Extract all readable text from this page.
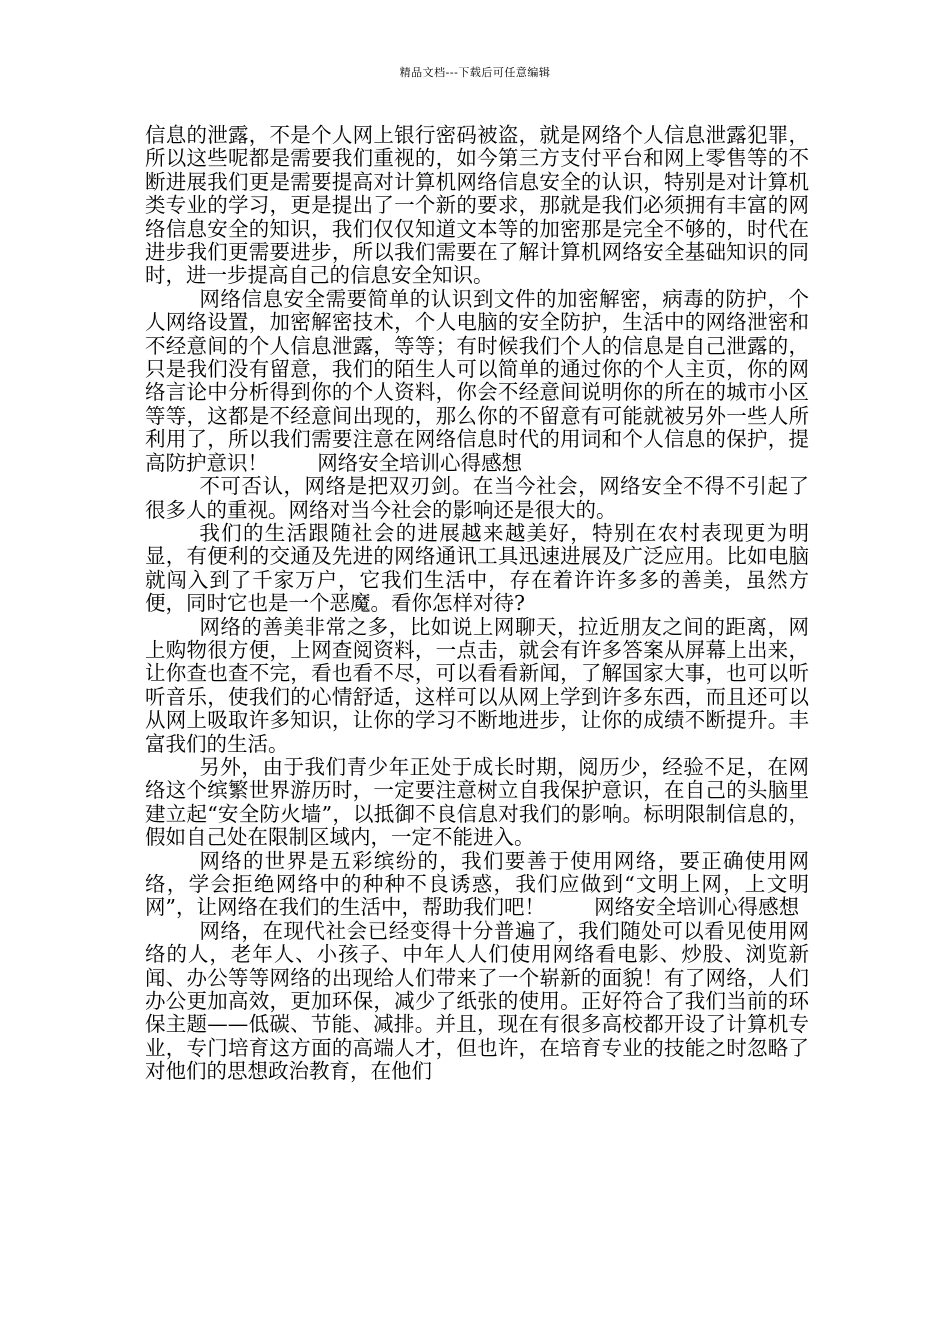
精品文档---下载后可任意编辑

信息的泄露，不是个人网上银行密码被盗，就是网络个人信息泄露犯罪，所以这些呢都是需要我们重视的，如今第三方支付平台和网上零售等的不断进展我们更是需要提高对计算机网络信息安全的认识，特别是对计算机类专业的学习，更是提出了一个新的要求，那就是我们必须拥有丰富的网络信息安全的知识，我们仅仅知道文本等的加密那是完全不够的，时代在进步我们更需要进步，所以我们需要在了解计算机网络安全基础知识的同时，进一步提高自己的信息安全知识。

网络信息安全需要简单的认识到文件的加密解密，病毒的防护，个人网络设置，加密解密技术，个人电脑的安全防护，生活中的网络泄密和不经意间的个人信息泄露，等等；有时候我们个人的信息是自己泄露的，只是我们没有留意，我们的陌生人可以简单的通过你的个人主页，你的网络言论中分析得到你的个人资料，你会不经意间说明你的所在的城市小区等等，这都是不经意间出现的，那么你的不留意有可能就被另外一些人所利用了，所以我们需要注意在网络信息时代的用词和个人信息的保护，提高防护意识！ 网络安全培训心得感想

不可否认，网络是把双刃剑。在当今社会，网络安全不得不引起了很多人的重视。网络对当今社会的影响还是很大的。

我们的生活跟随社会的进展越来越美好，特别在农村表现更为明显，有便利的交通及先进的网络通讯工具迅速进展及广泛应用。比如电脑就闯入到了千家万户，它我们生活中，存在着许许多多的善美，虽然方便，同时它也是一个恶魔。看你怎样对待?

网络的善美非常之多，比如说上网聊天，拉近朋友之间的距离，网上购物很方便，上网查阅资料，一点击，就会有许多答案从屏幕上出来，让你查也查不完，看也看不尽，可以看看新闻，了解国家大事，也可以听听音乐，使我们的心情舒适，这样可以从网上学到许多东西，而且还可以从网上吸取许多知识，让你的学习不断地进步，让你的成绩不断提升。丰富我们的生活。

另外，由于我们青少年正处于成长时期，阅历少，经验不足，在网络这个缤繁世界游历时，一定要注意树立自我保护意识，在自己的头脑里建立起“安全防火墙”，以抵御不良信息对我们的影响。标明限制信息的，假如自己处在限制区域内，一定不能进入。

网络的世界是五彩缤纷的，我们要善于使用网络，要正确使用网络，学会拒绝网络中的种种不良诱惑，我们应做到“文明上网，上文明网”，让网络在我们的生活中，帮助我们吧！ 网络安全培训心得感想

网络，在现代社会已经变得十分普遍了，我们随处可以看见使用网络的人，老年人、小孩子、中年人人们使用网络看电影、炒股、浏览新闻、办公等等网络的出现给人们带来了一个崭新的面貌！有了网络，人们办公更加高效，更加环保，减少了纸张的使用。正好符合了我们当前的环保主题——低碳、节能、减排。并且，现在有很多高校都开设了计算机专业，专门培育这方面的高端人才，但也许，在培育专业的技能之时忽略了对他们的思想政治教育，在他们
